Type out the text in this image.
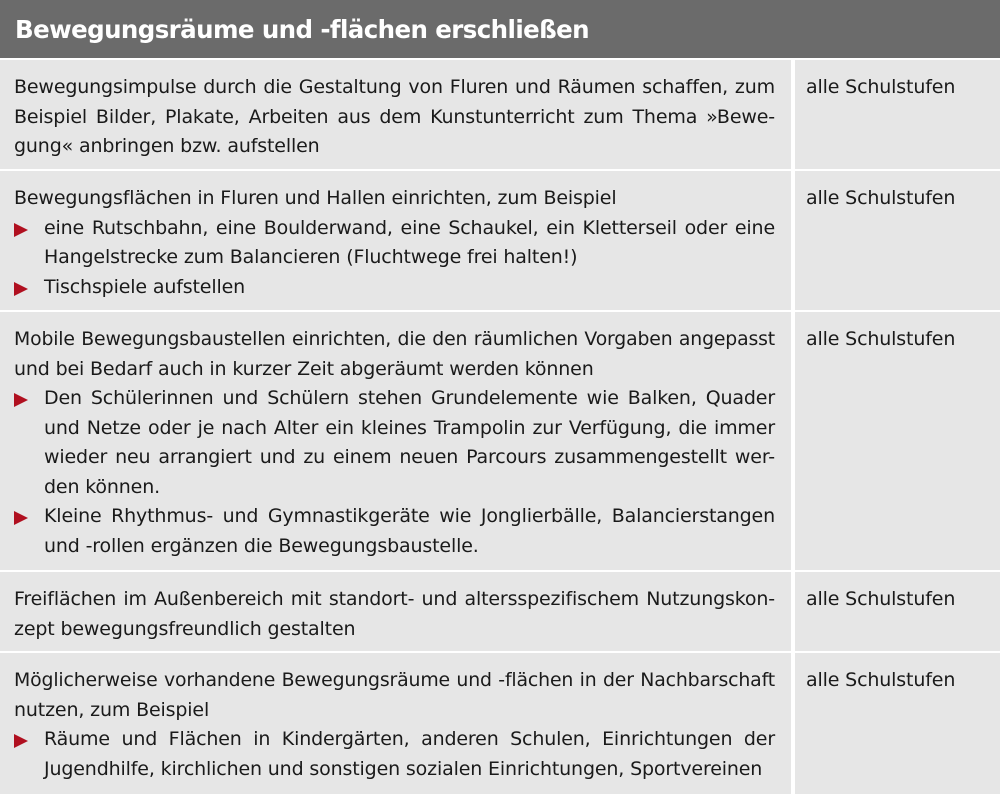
Bewegungsräume und -flächen erschließen
Bewegungsimpulse durch die Gestaltung von Fluren und Räumen schaffen, zum
Beispiel Bilder, Plakate, Arbeiten aus dem Kunstunterricht zum Thema »Bewe-
gung« anbringen bzw. aufstellen
alle Schulstufen
Bewegungsflächen in Fluren und Hallen einrichten, zum Beispiel
eine Rutschbahn, eine Boulderwand, eine Schaukel, ein Kletterseil oder eine
Hangelstrecke zum Balancieren (Fluchtwege frei halten!)
Tischspiele aufstellen
alle Schulstufen
Mobile Bewegungsbaustellen einrichten, die den räumlichen Vorgaben angepasst
und bei Bedarf auch in kurzer Zeit abgeräumt werden können
Den Schülerinnen und Schülern stehen Grundelemente wie Balken, Quader
und Netze oder je nach Alter ein kleines Trampolin zur Verfügung, die immer
wieder neu arrangiert und zu einem neuen Parcours zusammengestellt wer-
den können.
Kleine Rhythmus- und Gymnastikgeräte wie Jonglierbälle, Balancierstangen
und -rollen ergänzen die Bewegungsbaustelle.
alle Schulstufen
Freiflächen im Außenbereich mit standort- und altersspezifischem Nutzungskon-
zept bewegungsfreundlich gestalten
alle Schulstufen
Möglicherweise vorhandene Bewegungsräume und -flächen in der Nachbarschaft
nutzen, zum Beispiel
Räume und Flächen in Kindergärten, anderen Schulen, Einrichtungen der
Jugendhilfe, kirchlichen und sonstigen sozialen Einrichtungen, Sportvereinen
alle Schulstufen
